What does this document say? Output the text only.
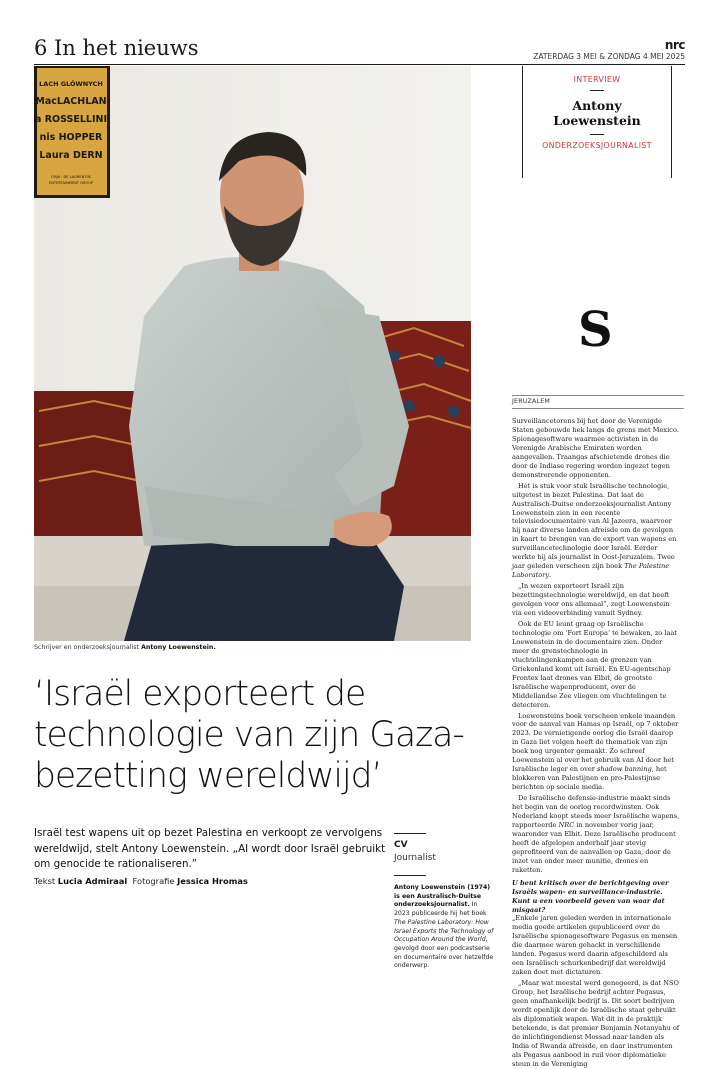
6 In het nieuws	nrc
ZATERDAG 3 MEI & ZONDAG 4 MEI 2025
LACH GLÓWNYCH
MacLACHLAN
a ROSSELLINI
nis HOPPER
Laura DERN
CMJA · DE LAURENTIIS
ENTERTAINMENT GROUP
Schrijver en onderzoeksjournalist Antony Loewenstein.
INTERVIEW
Antony
Loewenstein
ONDERZOEKSJOURNALIST
‘Israël exporteert de technologie van zijn Gaza-bezetting wereldwijd’

Israël test wapens uit op bezet Palestina en verkoopt ze vervolgens wereldwijd, stelt Antony Loewenstein. „AI wordt door Israël gebruikt om genocide te rationaliseren.”

Tekst Lucia Admiraal Fotografie Jessica Hromas
CV
Journalist

Antony Loewenstein (1974) is een Australisch-Duitse onderzoeksjournalist. In 2023 publiceerde hij het boek The Palestine Laboratory: How Israel Exports the Technology of Occupation Around the World, gevolgd door een podcastserie en documentaire over hetzelfde onderwerp.

S
JERUZALEM

Surveillancetorens bij het door de Verenigde Staten gebouwde hek langs de grens met Mexico. Spionagesoftware waarmee activisten in de Verenigde Arabische Emiraten worden aangevallen. Traangas afschietende drones die door de Indiase regering worden ingezet tegen demonstrerende opponenten.

Het is stuk voor stuk Israëlische technologie, uitgetest in bezet Palestina. Dat laat de Australisch-Duitse onderzoeksjournalist Antony Loewenstein zien in een recente televisiedocumentaire van Al Jazeera, waarvoor hij naar diverse landen afreisde om de gevolgen in kaart te brengen van de export van wapens en surveillancetechnologie door Israël. Eerder werkte hij als journalist in Oost-Jeruzalem. Twee jaar geleden verscheen zijn boek The Palestine Laboratory.

„In wezen exporteert Israël zijn bezettingstechnologie wereldwijd, en dat heeft gevolgen voor ons allemaal”, zegt Loewenstein via een videoverbinding vanuit Sydney.

Ook de EU leunt graag op Israëlische technologie om ‘Fort Europa’ te bewaken, zo laat Loewenstein in de documentaire zien. Onder meer de grenstechnologie in vluchtelingenkampen aan de grenzen van Griekenland komt uit Israël. En EU-agentschap Frontex laat drones van Elbit, de grootste Israëlische wapenproducent, over de Middellandse Zee vliegen om vluchtelingen te detecteren.

Loewensteins boek verscheen enkele maanden voor de aanval van Hamas op Israël, op 7 oktober 2023. De vernietigende oorlog die Israël daarop in Gaza liet volgen heeft de thematiek van zijn boek nog urgenter gemaakt. Zo schreef Loewenstein al over het gebruik van AI door het Israëlische leger en over shadow banning, het blokkeren van Palestijnen en pro-Palestijnse berichten op sociale media.

De Israëlische defensie-industrie maakt sinds het begin van de oorlog recordwinsten. Ook Nederland koopt steeds meer Israëlische wapens, rapporteerde NRC in november vorig jaar, waaronder van Elbit. Deze Israëlische producent heeft de afgelopen anderhalf jaar stevig geprofiteerd van de aanvallen op Gaza, door de inzet van onder meer munitie, drones en raketten.

U bent kritisch over de berichtgeving over Israëls wapen- en surveillance-industrie. Kunt u een voorbeeld geven van waar dat misgaat?

„Enkele jaren geleden werden in internationale media goede artikelen gepubliceerd over de Israëlische spionagesoftware Pegasus en mensen die daarmee waren gehackt in verschillende landen. Pegasus werd daarin afgeschilderd als een Israëlisch schurkenbedrijf dat wereldwijd zaken doet met dictaturen.

„Maar wat meestal werd genegeerd, is dat NSO Group, het Israëlische bedrijf achter Pegasus, geen onafhankelijk bedrijf is. Dit soort bedrijven wordt openlijk door de Israëlische staat gebruikt als diplomatiek wapen. Wat dit in de praktijk betekende, is dat premier Benjamin Netanyahu of de inlichtingendienst Mossad naar landen als India of Rwanda afreisde, en daar instrumenten als Pegasus aanbood in ruil voor diplomatieke steun in de Vereniging
